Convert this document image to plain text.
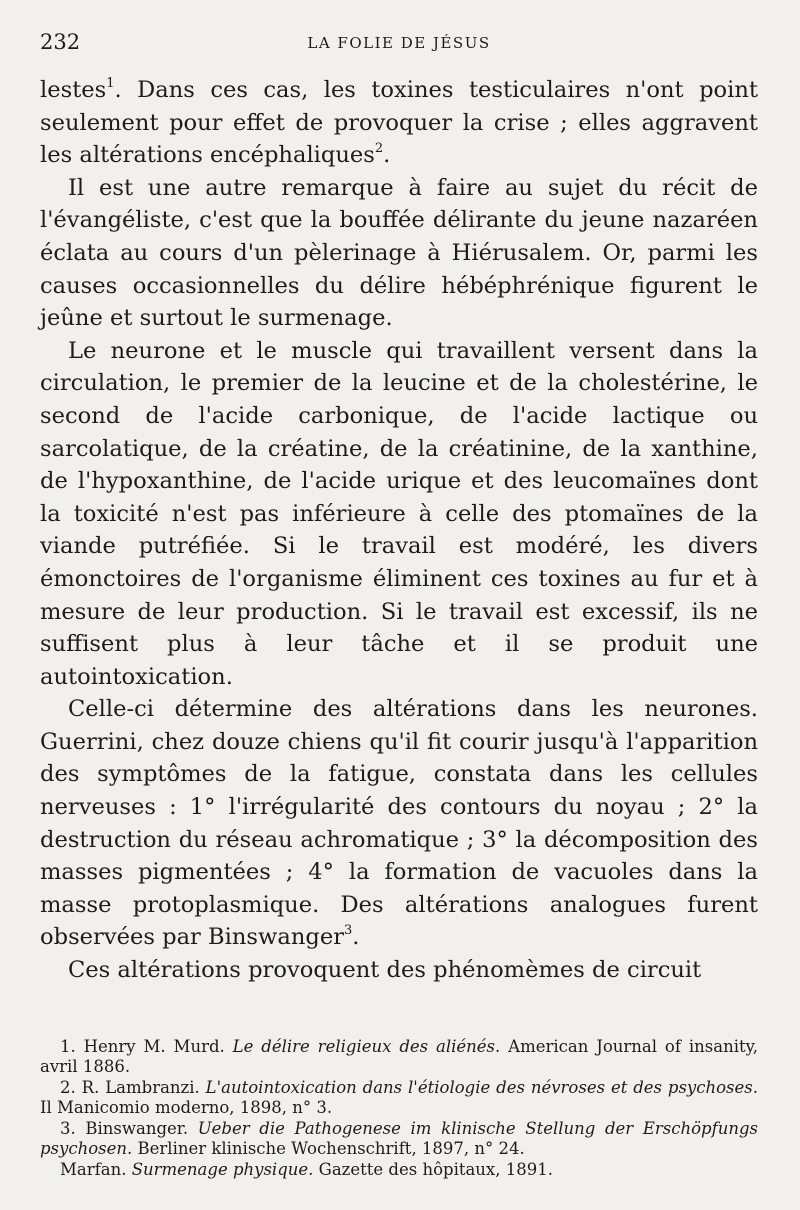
232	LA FOLIE DE JÉSUS

lestes$^1$. Dans ces cas, les toxines testiculaires n'ont point seulement pour effet de provoquer la crise ; elles aggravent les altérations encéphaliques$^2$.

Il est une autre remarque à faire au sujet du récit de l'évangéliste, c'est que la bouffée délirante du jeune nazaréen éclata au cours d'un pèlerinage à Hiérusalem. Or, parmi les causes occasionnelles du délire hébéphrénique figurent le jeûne et surtout le surmenage.

Le neurone et le muscle qui travaillent versent dans la circulation, le premier de la leucine et de la cholestérine, le second de l'acide carbonique, de l'acide lactique ou sarcolatique, de la créatine, de la créatinine, de la xanthine, de l'hypoxanthine, de l'acide urique et des leucomaïnes dont la toxicité n'est pas inférieure à celle des ptomaïnes de la viande putréfiée. Si le travail est modéré, les divers émonctoires de l'organisme éliminent ces toxines au fur et à mesure de leur production. Si le travail est excessif, ils ne suffisent plus à leur tâche et il se produit une autointoxication.

Celle-ci détermine des altérations dans les neurones. Guerrini, chez douze chiens qu'il fit courir jusqu'à l'apparition des symptômes de la fatigue, constata dans les cellules nerveuses : 1° l'irrégularité des contours du noyau ; 2° la destruction du réseau achromatique ; 3° la décomposition des masses pigmentées ; 4° la formation de vacuoles dans la masse protoplasmique. Des altérations analogues furent observées par Binswanger$^3$.

Ces altérations provoquent des phénomèmes de circuit

1. Henry M. Murd. Le délire religieux des aliénés. American Journal of insanity, avril 1886.

2. R. Lambranzi. L'autointoxication dans l'étiologie des névroses et des psychoses. Il Manicomio moderno, 1898, n° 3.

3. Binswanger. Ueber die Pathogenese im klinische Stellung der Erschöpfungs psychosen. Berliner klinische Wochenschrift, 1897, n° 24.

Marfan. Surmenage physique. Gazette des hôpitaux, 1891.
